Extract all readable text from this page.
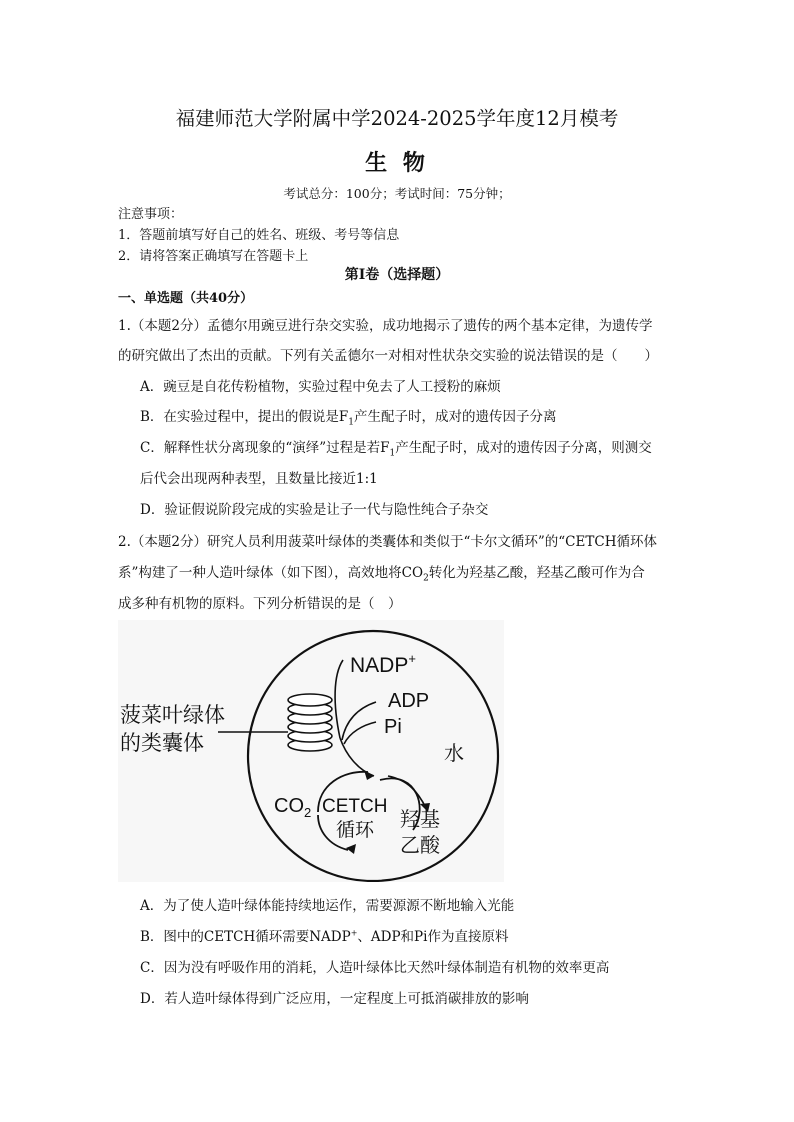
福建师范大学附属中学2024-2025学年度12月模考
生 物
考试总分：100分；考试时间：75分钟；
注意事项：
1．答题前填写好自己的姓名、班级、考号等信息
2．请将答案正确填写在答题卡上
第I卷（选择题）
一、单选题（共40分）
1.（本题2分）孟德尔用豌豆进行杂交实验，成功地揭示了遗传的两个基本定律，为遗传学
的研究做出了杰出的贡献。下列有关孟德尔一对相对性状杂交实验的说法错误的是（　　）
A．豌豆是自花传粉植物，实验过程中免去了人工授粉的麻烦
B．在实验过程中，提出的假说是$F_1$产生配子时，成对的遗传因子分离
C．解释性状分离现象的“演绎”过程是若$F_1$产生配子时，成对的遗传因子分离，则测交
后代会出现两种表型，且数量比接近1:1
D．验证假说阶段完成的实验是让子一代与隐性纯合子杂交
2.（本题2分）研究人员利用菠菜叶绿体的类囊体和类似于“卡尔文循环”的“CETCH循环体
系”构建了一种人造叶绿体（如下图），高效地将$CO_2$转化为羟基乙酸，羟基乙酸可作为合
成多种有机物的原料。下列分析错误的是（　）
NADP+
ADP
Pi
水
菠菜叶绿体
的类囊体
$CO_2$ CETCH
循环 羟基
乙酸
A．为了使人造叶绿体能持续地运作，需要源源不断地输入光能
B．图中的CETCH循环需要NADP+、ADP和Pi作为直接原料
C．因为没有呼吸作用的消耗，人造叶绿体比天然叶绿体制造有机物的效率更高
D．若人造叶绿体得到广泛应用，一定程度上可抵消碳排放的影响
